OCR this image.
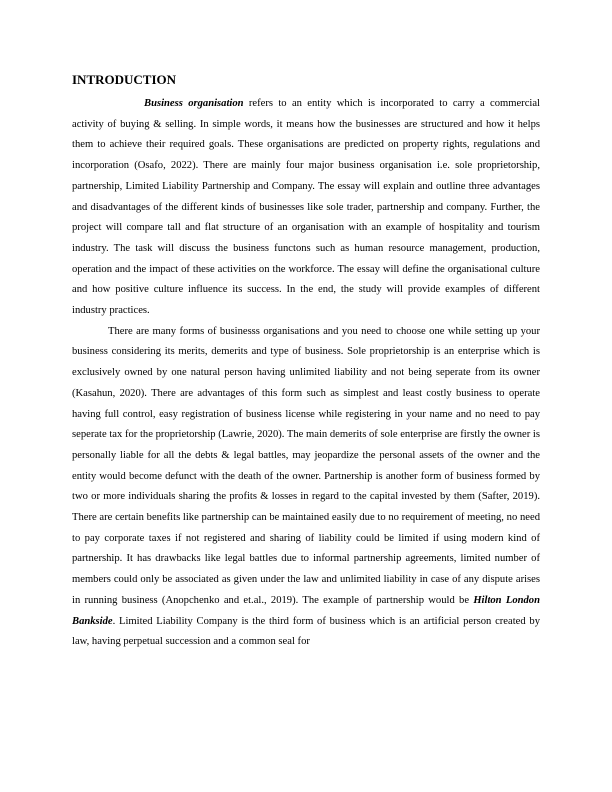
INTRODUCTION

Business organisation refers to an entity which is incorporated to carry a commercial activity of buying & selling. In simple words, it means how the businesses are structured and how it helps them to achieve their required goals. These organisations are predicted on property rights, regulations and incorporation (Osafo, 2022). There are mainly four major business organisation i.e. sole proprietorship, partnership, Limited Liability Partnership and Company. The essay will explain and outline three advantages and disadvantages of the different kinds of businesses like sole trader, partnership and company. Further, the project will compare tall and flat structure of an organisation with an example of hospitality and tourism industry. The task will discuss the business functons such as human resource management, production, operation and the impact of these activities on the workforce. The essay will define the organisational culture and how positive culture influence its success. In the end, the study will provide examples of different industry practices.

There are many forms of businesss organisations and you need to choose one while setting up your business considering its merits, demerits and type of business. Sole proprietorship is an enterprise which is exclusively owned by one natural person having unlimited liability and not being seperate from its owner (Kasahun, 2020). There are advantages of this form such as simplest and least costly business to operate having full control, easy registration of business license while registering in your name and no need to pay seperate tax for the proprietorship (Lawrie, 2020). The main demerits of sole enterprise are firstly the owner is personally liable for all the debts & legal battles, may jeopardize the personal assets of the owner and the entity would become defunct with the death of the owner. Partnership is another form of business formed by two or more individuals sharing the profits & losses in regard to the capital invested by them (Safter, 2019). There are certain benefits like partnership can be maintained easily due to no requirement of meeting, no need to pay corporate taxes if not registered and sharing of liability could be limited if using modern kind of partnership. It has drawbacks like legal battles due to informal partnership agreements, limited number of members could only be associated as given under the law and unlimited liability in case of any dispute arises in running business (Anopchenko and et.al., 2019). The example of partnership would be Hilton London Bankside. Limited Liability Company is the third form of business which is an artificial person created by law, having perpetual succession and a common seal for
